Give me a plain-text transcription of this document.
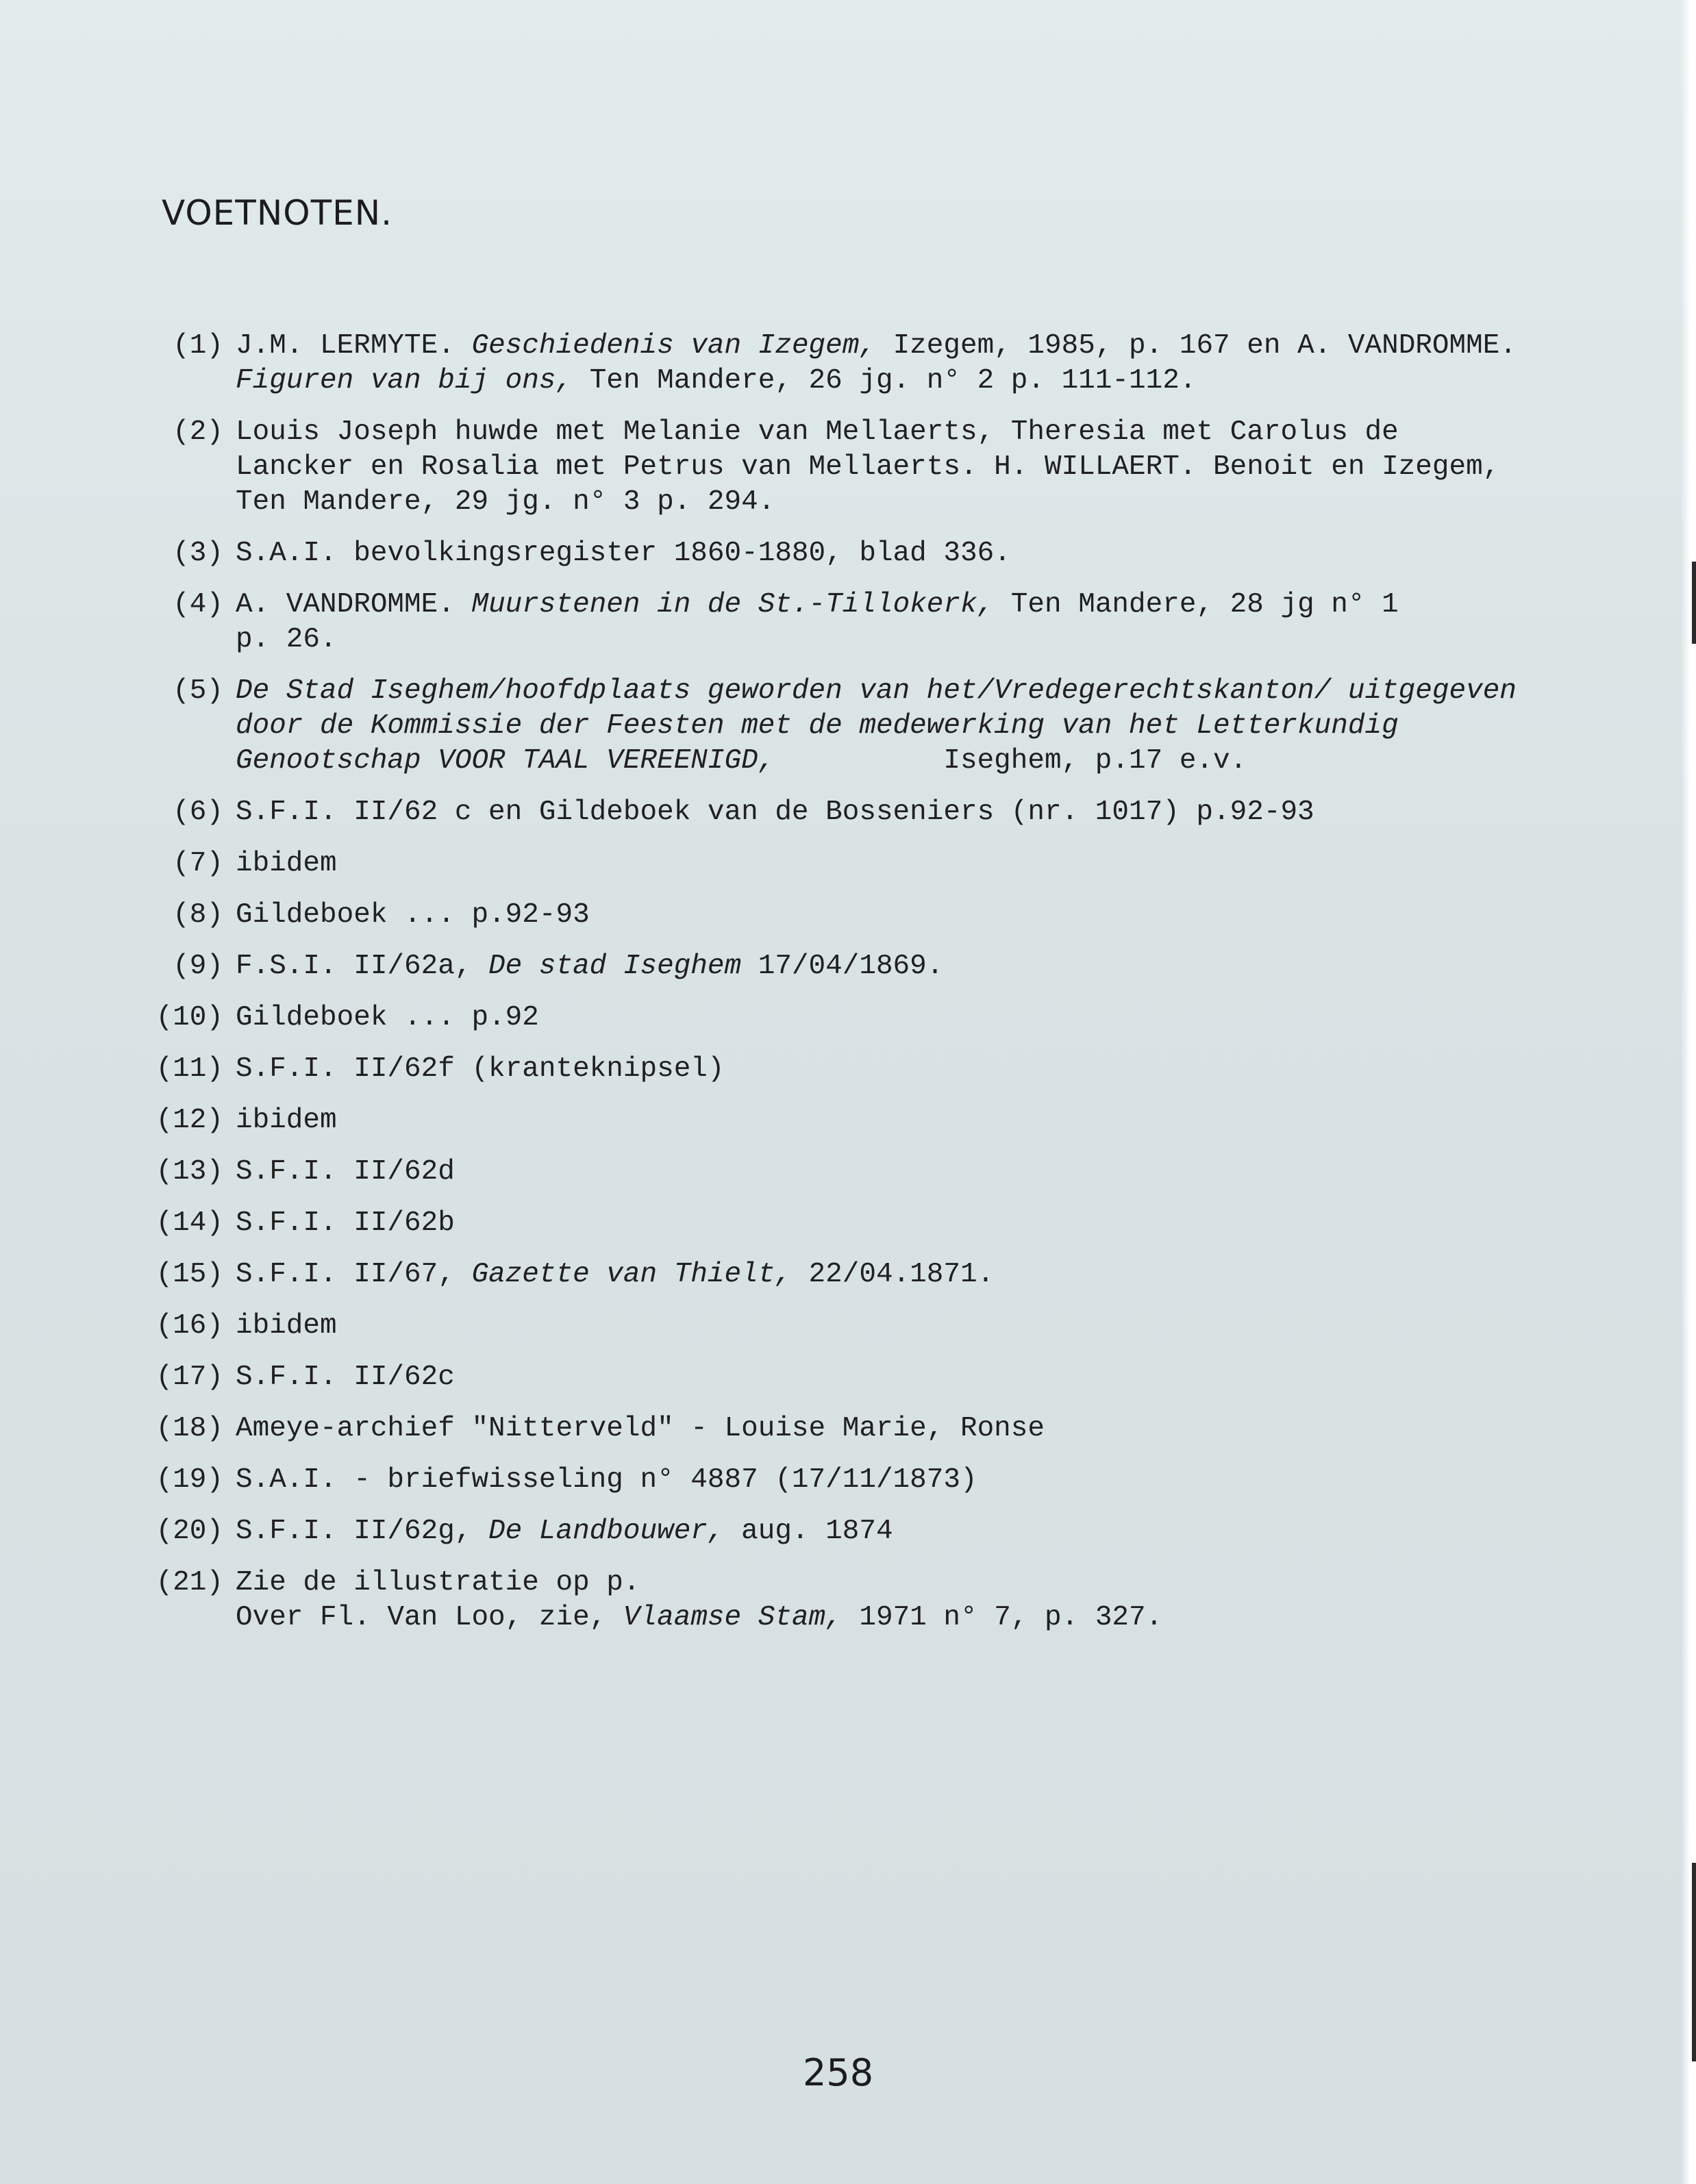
VOETNOTEN.
(1) J.M. LERMYTE. Geschiedenis van Izegem, Izegem, 1985, p. 167 en A. VANDROMME.
Figuren van bij ons, Ten Mandere, 26 jg. n° 2 p. 111-112.
(2) Louis Joseph huwde met Melanie van Mellaerts, Theresia met Carolus de
Lancker en Rosalia met Petrus van Mellaerts. H. WILLAERT. Benoit en Izegem,
Ten Mandere, 29 jg. n° 3 p. 294.
(3) S.A.I. bevolkingsregister 1860-1880, blad 336.
(4) A. VANDROMME. Muurstenen in de St.-Tillokerk, Ten Mandere, 28 jg n° 1
p. 26.
(5) De Stad Iseghem/hoofdplaats geworden van het/Vredegerechtskanton/ uitgegeven
door de Kommissie der Feesten met de medewerking van het Letterkundig
Genootschap VOOR TAAL VEREENIGD,          Iseghem, p.17 e.v.
(6) S.F.I. II/62 c en Gildeboek van de Bosseniers (nr. 1017) p.92-93
(7) ibidem
(8) Gildeboek ... p.92-93
(9) F.S.I. II/62a, De stad Iseghem 17/04/1869.
(10) Gildeboek ... p.92
(11) S.F.I. II/62f (kranteknipsel)
(12) ibidem
(13) S.F.I. II/62d
(14) S.F.I. II/62b
(15) S.F.I. II/67, Gazette van Thielt, 22/04.1871.
(16) ibidem
(17) S.F.I. II/62c
(18) Ameye-archief "Nitterveld" - Louise Marie, Ronse
(19) S.A.I. - briefwisseling n° 4887 (17/11/1873)
(20) S.F.I. II/62g, De Landbouwer, aug. 1874
(21) Zie de illustratie op p.
Over Fl. Van Loo, zie, Vlaamse Stam, 1971 n° 7, p. 327.
258
